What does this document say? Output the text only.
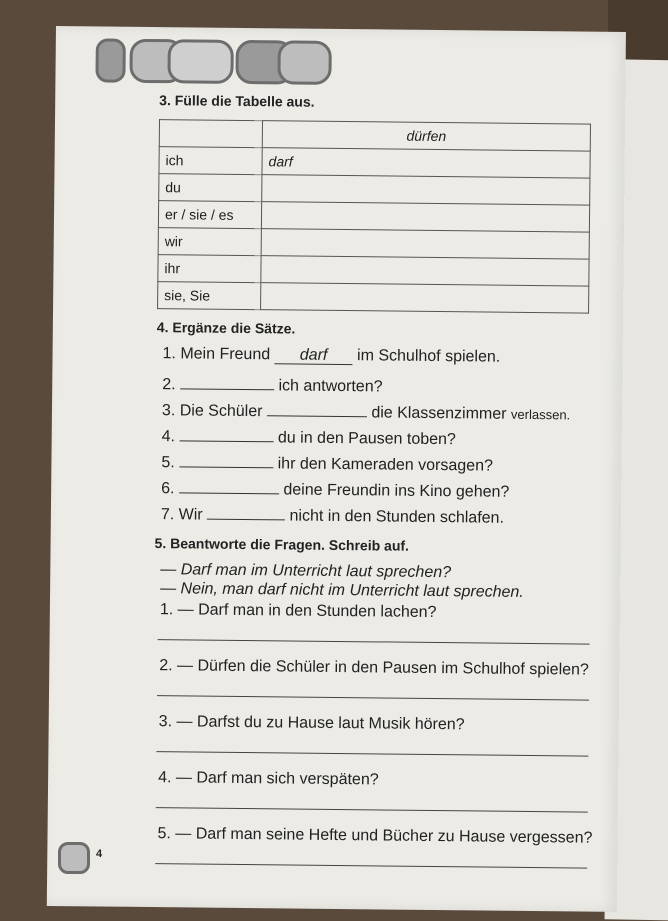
3. Fülle die Tabelle aus.
	dürfen
ich	darf
du	
er / sie / es	
wir	
ihr	
sie, Sie	
4. Ergänze die Sätze.
1. Mein Freund darf im Schulhof spielen.
2.	ich antworten?
3. Die Schüler	die Klassenzimmer verlassen.
4.	du in den Pausen toben?
5.	ihr den Kameraden vorsagen?
6.	deine Freundin ins Kino gehen?
7. Wir	nicht in den Stunden schlafen.
5. Beantworte die Fragen. Schreib auf.
— Darf man im Unterricht laut sprechen?
— Nein, man darf nicht im Unterricht laut sprechen.
1. — Darf man in den Stunden lachen?
2. — Dürfen die Schüler in den Pausen im Schulhof spielen?
3. — Darfst du zu Hause laut Musik hören?
4. — Darf man sich verspäten?
5. — Darf man seine Hefte und Bücher zu Hause vergessen?
4
